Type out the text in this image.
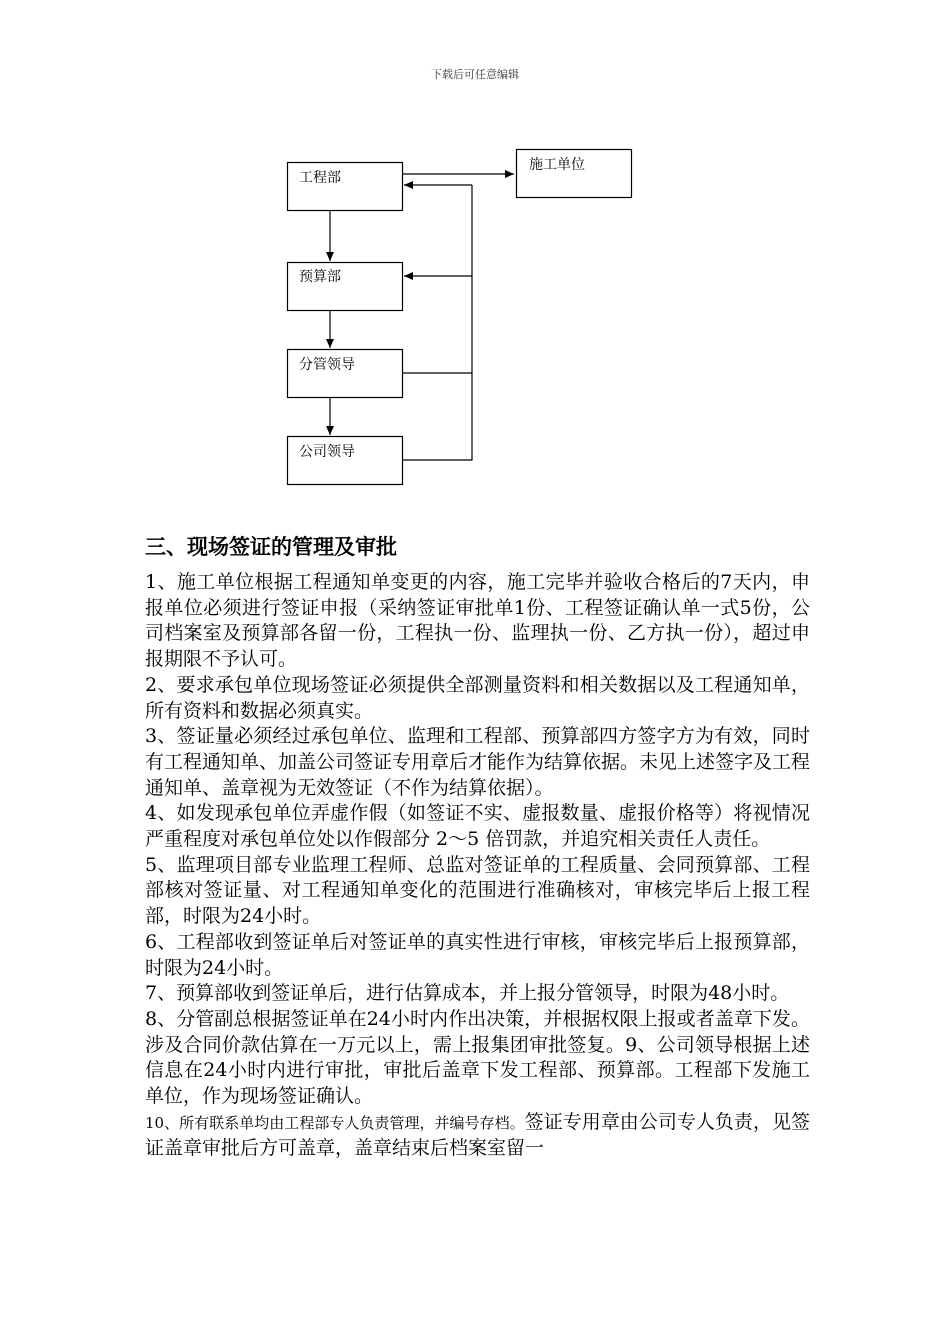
下载后可任意编辑
工程部
施工单位
预算部
分管领导
公司领导
三、现场签证的管理及审批

1、施工单位根据工程通知单变更的内容，施工完毕并验收合格后的7天内，申报单位必须进行签证申报（采纳签证审批单1份、工程签证确认单一式5份，公司档案室及预算部各留一份，工程执一份、监理执一份、乙方执一份），超过申报期限不予认可。

2、要求承包单位现场签证必须提供全部测量资料和相关数据以及工程通知单，所有资料和数据必须真实。

3、签证量必须经过承包单位、监理和工程部、预算部四方签字方为有效，同时有工程通知单、加盖公司签证专用章后才能作为结算依据。未见上述签字及工程通知单、盖章视为无效签证（不作为结算依据）。

4、如发现承包单位弄虚作假（如签证不实、虚报数量、虚报价格等）将视情况严重程度对承包单位处以作假部分 2～5 倍罚款，并追究相关责任人责任。

5、监理项目部专业监理工程师、总监对签证单的工程质量、会同预算部、工程部核对签证量、对工程通知单变化的范围进行准确核对，审核完毕后上报工程部，时限为24小时。

6、工程部收到签证单后对签证单的真实性进行审核，审核完毕后上报预算部，时限为24小时。

7、预算部收到签证单后，进行估算成本，并上报分管领导，时限为48小时。

8、分管副总根据签证单在24小时内作出决策，并根据权限上报或者盖章下发。涉及合同价款估算在一万元以上，需上报集团审批签复。9、公司领导根据上述信息在24小时内进行审批，审批后盖章下发工程部、预算部。工程部下发施工单位，作为现场签证确认。

10、所有联系单均由工程部专人负责管理，并编号存档。签证专用章由公司专人负责，见签证盖章审批后方可盖章，盖章结束后档案室留一
